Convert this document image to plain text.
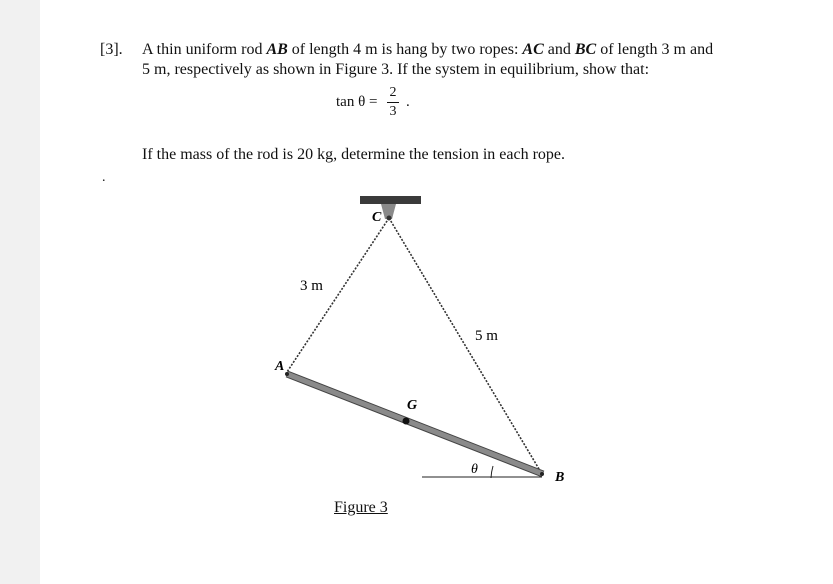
[3]. A thin uniform rod AB of length 4 m is hang by two ropes: AC and BC of length 3 m and
5 m, respectively as shown in Figure 3. If the system in equilibrium, show that:
tan θ =
2
3
.
If the mass of the rod is 20 kg, determine the tension in each rope.
.
C
A
B
G
θ
3 m
5 m
Figure 3
